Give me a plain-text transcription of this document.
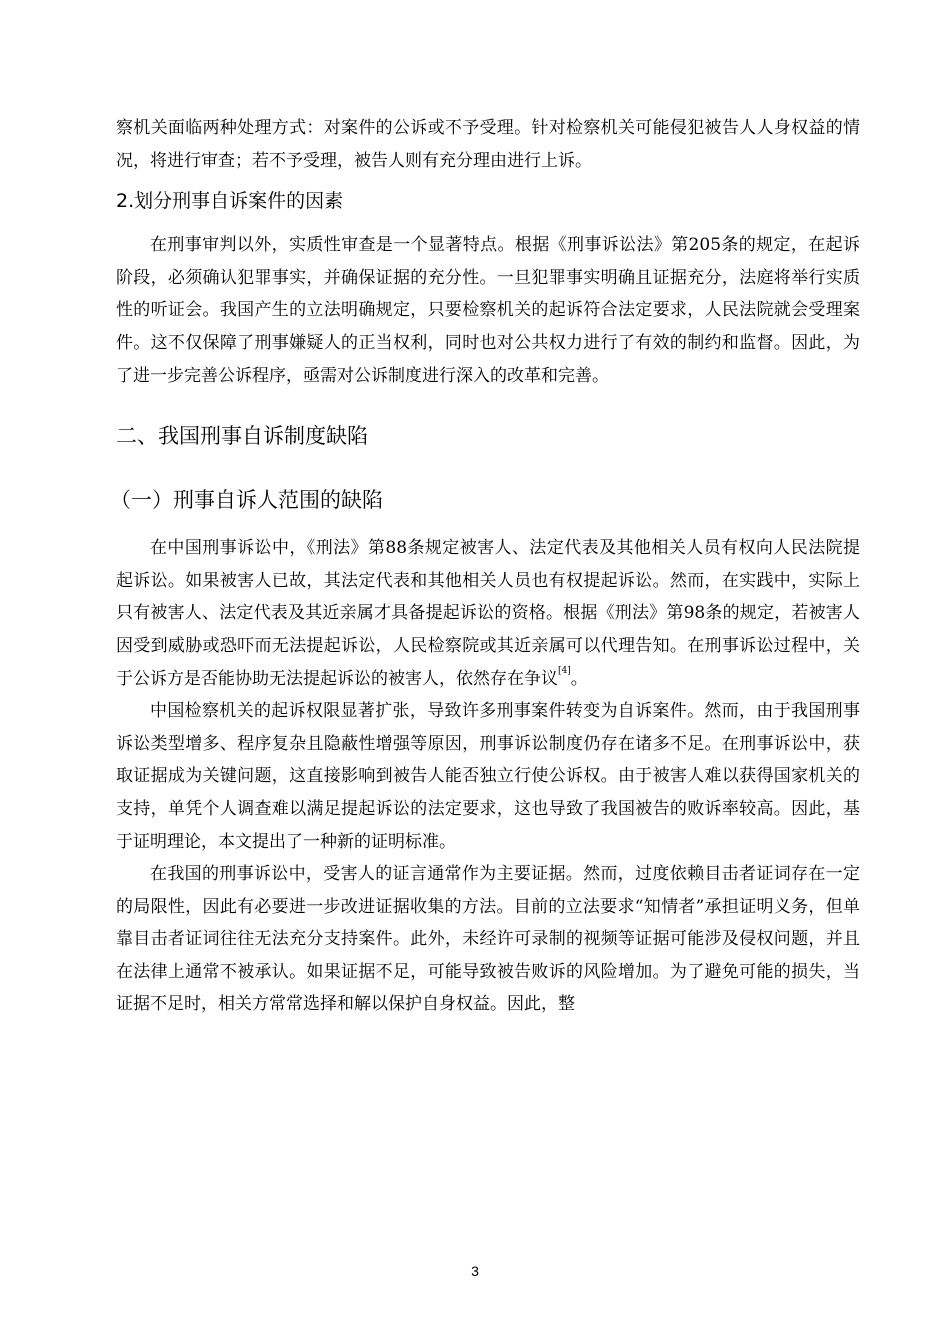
察机关面临两种处理方式：对案件的公诉或不予受理。针对检察机关可能侵犯被告人人身权益的情况，将进行审查；若不予受理，被告人则有充分理由进行上诉。

2.划分刑事自诉案件的因素

在刑事审判以外，实质性审查是一个显著特点。根据《刑事诉讼法》第205条的规定，在起诉阶段，必须确认犯罪事实，并确保证据的充分性。一旦犯罪事实明确且证据充分，法庭将举行实质性的听证会。我国产生的立法明确规定，只要检察机关的起诉符合法定要求，人民法院就会受理案件。这不仅保障了刑事嫌疑人的正当权利，同时也对公共权力进行了有效的制约和监督。因此，为了进一步完善公诉程序，亟需对公诉制度进行深入的改革和完善。

二、我国刑事自诉制度缺陷
（一）刑事自诉人范围的缺陷

在中国刑事诉讼中，《刑法》第88条规定被害人、法定代表及其他相关人员有权向人民法院提起诉讼。如果被害人已故，其法定代表和其他相关人员也有权提起诉讼。然而，在实践中，实际上只有被害人、法定代表及其近亲属才具备提起诉讼的资格。根据《刑法》第98条的规定，若被害人因受到威胁或恐吓而无法提起诉讼，人民检察院或其近亲属可以代理告知。在刑事诉讼过程中，关于公诉方是否能协助无法提起诉讼的被害人，依然存在争议[4]。

中国检察机关的起诉权限显著扩张，导致许多刑事案件转变为自诉案件。然而，由于我国刑事诉讼类型增多、程序复杂且隐蔽性增强等原因，刑事诉讼制度仍存在诸多不足。在刑事诉讼中，获取证据成为关键问题，这直接影响到被告人能否独立行使公诉权。由于被害人难以获得国家机关的支持，单凭个人调查难以满足提起诉讼的法定要求，这也导致了我国被告的败诉率较高。因此，基于证明理论，本文提出了一种新的证明标准。

在我国的刑事诉讼中，受害人的证言通常作为主要证据。然而，过度依赖目击者证词存在一定的局限性，因此有必要进一步改进证据收集的方法。目前的立法要求“知情者”承担证明义务，但单靠目击者证词往往无法充分支持案件。此外，未经许可录制的视频等证据可能涉及侵权问题，并且在法律上通常不被承认。如果证据不足，可能导致被告败诉的风险增加。为了避免可能的损失，当证据不足时，相关方常常选择和解以保护自身权益。因此，整

3
